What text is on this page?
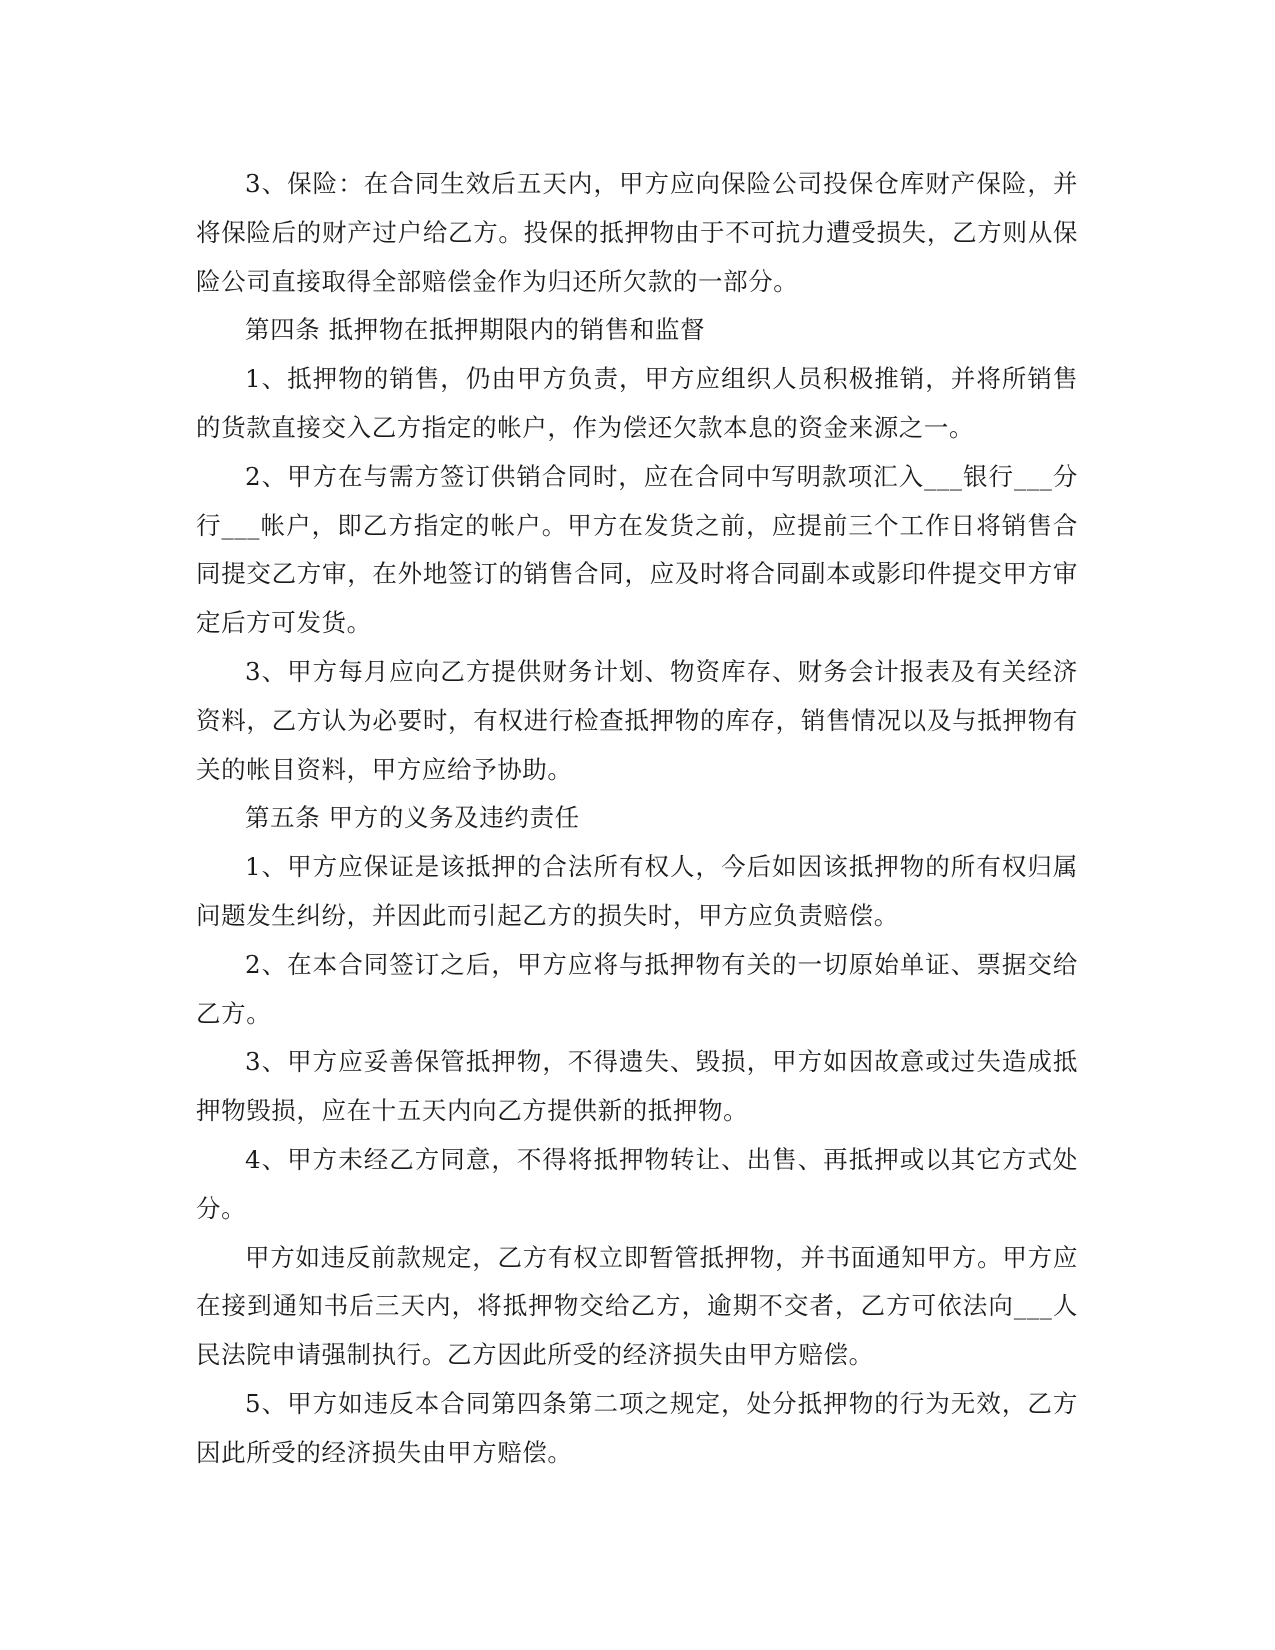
3、保险：在合同生效后五天内，甲方应向保险公司投保仓库财产保险，并将保险后的财产过户给乙方。投保的抵押物由于不可抗力遭受损失，乙方则从保险公司直接取得全部赔偿金作为归还所欠款的一部分。

第四条 抵押物在抵押期限内的销售和监督

1、抵押物的销售，仍由甲方负责，甲方应组织人员积极推销，并将所销售的货款直接交入乙方指定的帐户，作为偿还欠款本息的资金来源之一。

2、甲方在与需方签订供销合同时，应在合同中写明款项汇入___银行___分行___帐户，即乙方指定的帐户。甲方在发货之前，应提前三个工作日将销售合同提交乙方审，在外地签订的销售合同，应及时将合同副本或影印件提交甲方审定后方可发货。

3、甲方每月应向乙方提供财务计划、物资库存、财务会计报表及有关经济资料，乙方认为必要时，有权进行检查抵押物的库存，销售情况以及与抵押物有关的帐目资料，甲方应给予协助。

第五条 甲方的义务及违约责任

1、甲方应保证是该抵押的合法所有权人，今后如因该抵押物的所有权归属问题发生纠纷，并因此而引起乙方的损失时，甲方应负责赔偿。

2、在本合同签订之后，甲方应将与抵押物有关的一切原始单证、票据交给乙方。

3、甲方应妥善保管抵押物，不得遗失、毁损，甲方如因故意或过失造成抵押物毁损，应在十五天内向乙方提供新的抵押物。

4、甲方未经乙方同意，不得将抵押物转让、出售、再抵押或以其它方式处分。

甲方如违反前款规定，乙方有权立即暂管抵押物，并书面通知甲方。甲方应在接到通知书后三天内，将抵押物交给乙方，逾期不交者，乙方可依法向___人民法院申请强制执行。乙方因此所受的经济损失由甲方赔偿。

5、甲方如违反本合同第四条第二项之规定，处分抵押物的行为无效，乙方因此所受的经济损失由甲方赔偿。
